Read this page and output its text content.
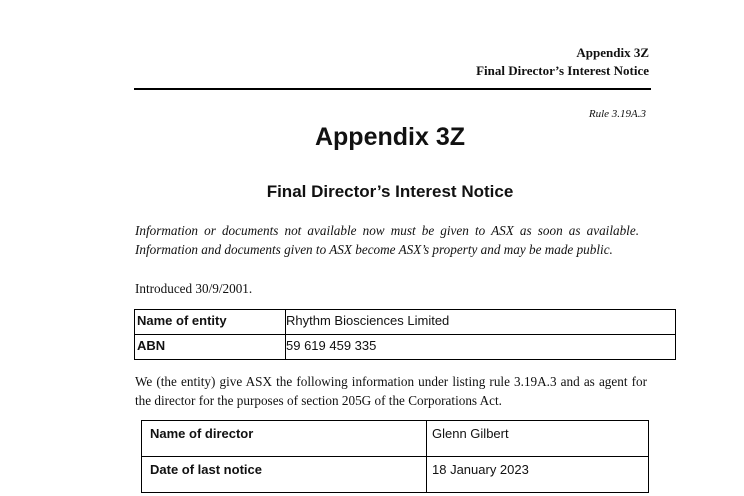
Appendix 3Z
Final Director’s Interest Notice
Rule 3.19A.3
Appendix 3Z
Final Director’s Interest Notice
Information or documents not available now must be given to ASX as soon as available. Information and documents given to ASX become ASX’s property and may be made public.
Introduced 30/9/2001.
Name of entity	Rhythm Biosciences Limited
ABN	59 619 459 335
We (the entity) give ASX the following information under listing rule 3.19A.3 and as agent for the director for the purposes of section 205G of the Corporations Act.
Name of director	Glenn Gilbert
Date of last notice	18 January 2023
